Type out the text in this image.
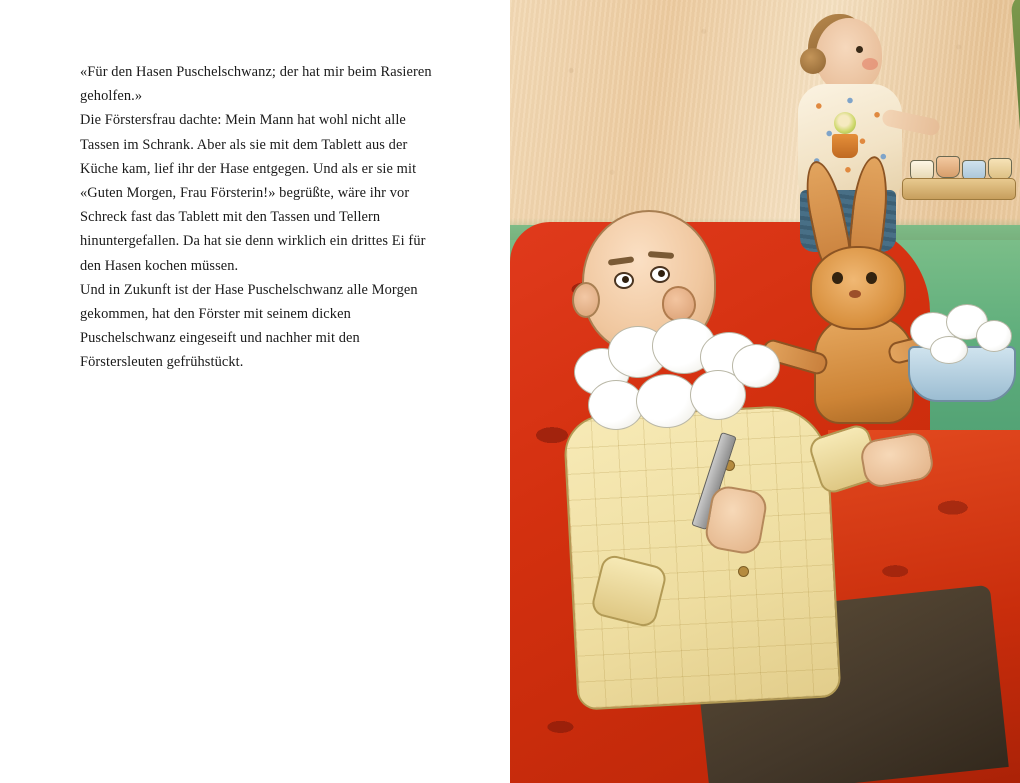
«Für den Hasen Puschelschwanz; der hat mir beim Rasieren geholfen.»

Die Förstersfrau dachte: Mein Mann hat wohl nicht alle Tassen im Schrank. Aber als sie mit dem Tablett aus der Küche kam, lief ihr der Hase entgegen. Und als er sie mit «Guten Morgen, Frau Försterin!» begrüßte, wäre ihr vor Schreck fast das Tablett mit den Tassen und Tellern hinuntergefallen. Da hat sie denn wirklich ein drittes Ei für den Hasen kochen müssen.

Und in Zukunft ist der Hase Puschelschwanz alle Morgen gekommen, hat den Förster mit seinem dicken Puschelschwanz eingeseift und nachher mit den Förstersleuten gefrühstückt.
